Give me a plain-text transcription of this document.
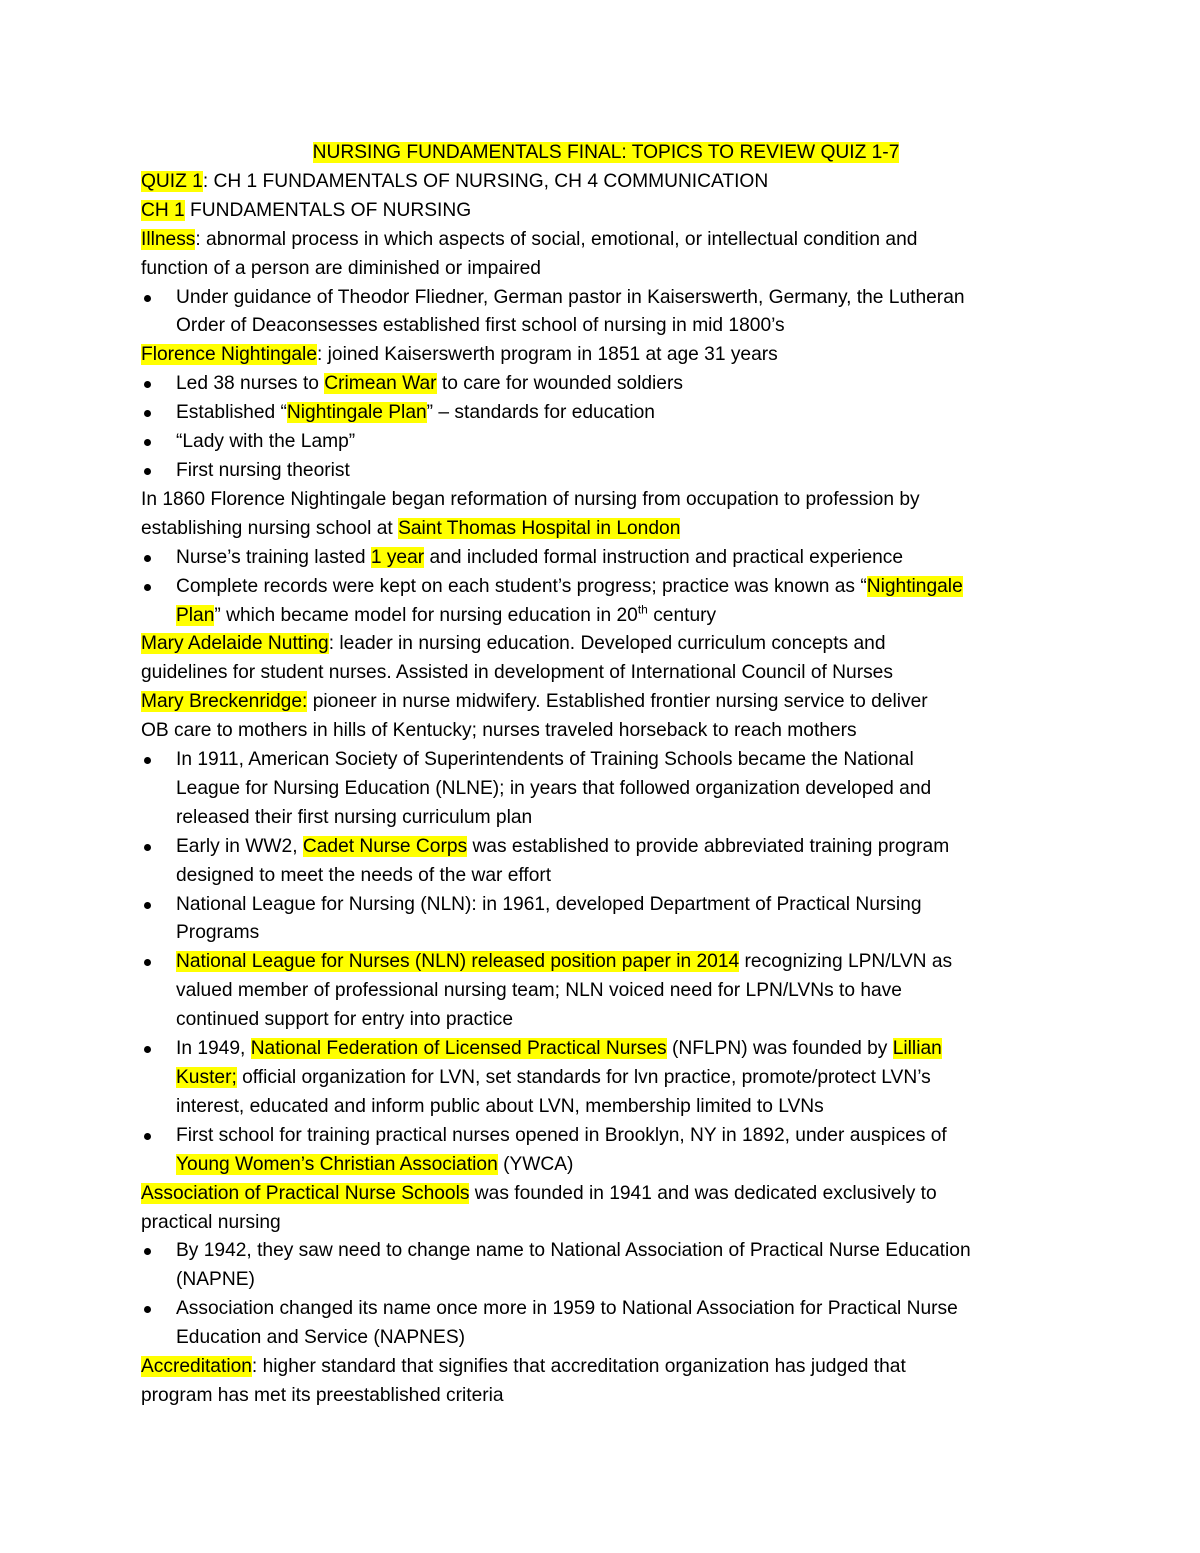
NURSING FUNDAMENTALS FINAL: TOPICS TO REVIEW QUIZ 1-7
QUIZ 1: CH 1 FUNDAMENTALS OF NURSING, CH 4 COMMUNICATION
CH 1 FUNDAMENTALS OF NURSING
Illness: abnormal process in which aspects of social, emotional, or intellectual condition and
function of a person are diminished or impaired
Under guidance of Theodor Fliedner, German pastor in Kaiserswerth, Germany, the Lutheran
Order of Deaconsesses established first school of nursing in mid 1800’s
Florence Nightingale: joined Kaiserswerth program in 1851 at age 31 years
Led 38 nurses to Crimean War to care for wounded soldiers
Established “Nightingale Plan” – standards for education
“Lady with the Lamp”
First nursing theorist
In 1860 Florence Nightingale began reformation of nursing from occupation to profession by
establishing nursing school at Saint Thomas Hospital in London
Nurse’s training lasted 1 year and included formal instruction and practical experience
Complete records were kept on each student’s progress; practice was known as “Nightingale
Plan” which became model for nursing education in 20th century
Mary Adelaide Nutting: leader in nursing education. Developed curriculum concepts and
guidelines for student nurses. Assisted in development of International Council of Nurses
Mary Breckenridge: pioneer in nurse midwifery. Established frontier nursing service to deliver
OB care to mothers in hills of Kentucky; nurses traveled horseback to reach mothers
In 1911, American Society of Superintendents of Training Schools became the National
League for Nursing Education (NLNE); in years that followed organization developed and
released their first nursing curriculum plan
Early in WW2, Cadet Nurse Corps was established to provide abbreviated training program
designed to meet the needs of the war effort
National League for Nursing (NLN): in 1961, developed Department of Practical Nursing
Programs
National League for Nurses (NLN) released position paper in 2014 recognizing LPN/LVN as
valued member of professional nursing team; NLN voiced need for LPN/LVNs to have
continued support for entry into practice
In 1949, National Federation of Licensed Practical Nurses (NFLPN) was founded by Lillian
Kuster; official organization for LVN, set standards for lvn practice, promote/protect LVN’s
interest, educated and inform public about LVN, membership limited to LVNs
First school for training practical nurses opened in Brooklyn, NY in 1892, under auspices of
Young Women’s Christian Association (YWCA)
Association of Practical Nurse Schools was founded in 1941 and was dedicated exclusively to
practical nursing
By 1942, they saw need to change name to National Association of Practical Nurse Education
(NAPNE)
Association changed its name once more in 1959 to National Association for Practical Nurse
Education and Service (NAPNES)
Accreditation: higher standard that signifies that accreditation organization has judged that
program has met its preestablished criteria
